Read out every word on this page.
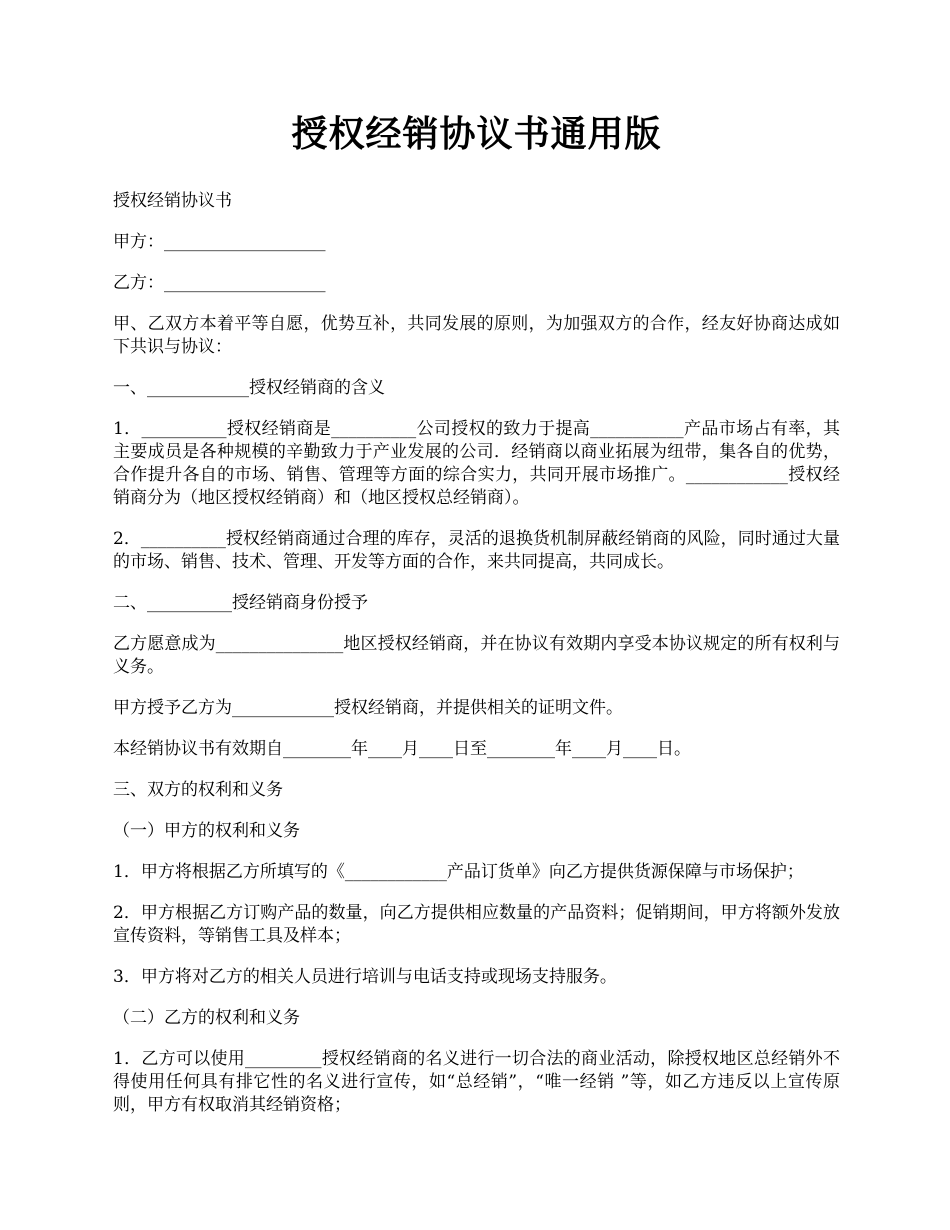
授权经销协议书通用版

授权经销协议书

甲方：___________________

乙方：___________________

甲、乙双方本着平等自愿，优势互补，共同发展的原则，为加强双方的合作，经友好协商达成如下共识与协议：

一、____________授权经销商的含义

1．__________授权经销商是__________公司授权的致力于提高___________产品市场占有率，其主要成员是各种规模的辛勤致力于产业发展的公司．经销商以商业拓展为纽带，集各自的优势，合作提升各自的市场、销售、管理等方面的综合实力，共同开展市场推广。____________授权经销商分为（地区授权经销商）和（地区授权总经销商）。

2．__________授权经销商通过合理的库存，灵活的退换货机制屏蔽经销商的风险，同时通过大量的市场、销售、技术、管理、开发等方面的合作，来共同提高，共同成长。

二、__________授经销商身份授予

乙方愿意成为_______________地区授权经销商，并在协议有效期内享受本协议规定的所有权利与义务。

甲方授予乙方为____________授权经销商，并提供相关的证明文件。

本经销协议书有效期自________年____月____日至________年____月____日。

三、双方的权利和义务

（一）甲方的权利和义务

1．甲方将根据乙方所填写的《____________产品订货单》向乙方提供货源保障与市场保护；

2．甲方根据乙方订购产品的数量，向乙方提供相应数量的产品资料；促销期间，甲方将额外发放宣传资料，等销售工具及样本；

3．甲方将对乙方的相关人员进行培训与电话支持或现场支持服务。

（二）乙方的权利和义务

1．乙方可以使用_________授权经销商的名义进行一切合法的商业活动，除授权地区总经销外不得使用任何具有排它性的名义进行宣传，如“总经销”，“唯一经销 ”等，如乙方违反以上宣传原则，甲方有权取消其经销资格；
